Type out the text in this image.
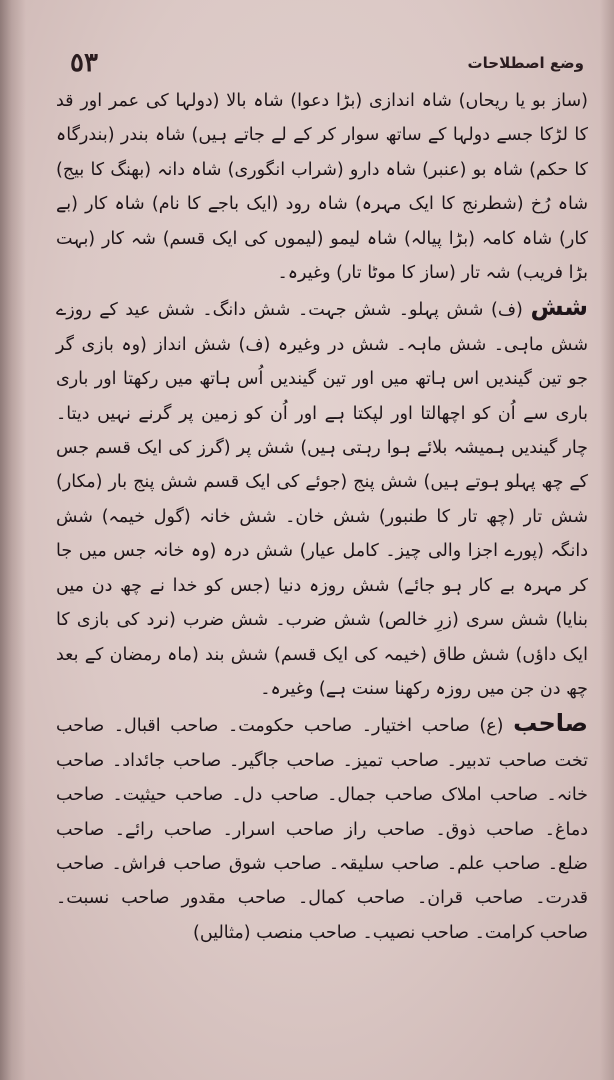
٥٣	وضع اصطلاحات

(ساز بو یا ریحاں) شاہ اندازی (بڑا دعوا) شاہ بالا (دولہا کی عمر اور قد کا لڑکا جسے دولہا کے ساتھ سوار کر کے لے جاتے ہیں) شاہ بندر (بندرگاہ کا حکم) شاہ بو (عنبر) شاہ دارو (شراب انگوری) شاہ دانہ (بھنگ کا بیج) شاہ رُخ (شطرنج کا ایک مہرہ) شاہ رود (ایک باجے کا نام) شاہ کار (بے کار) شاہ کامہ (بڑا پیالہ) شاہ لیمو (لیموں کی ایک قسم) شہ کار (بہت بڑا فریب) شہ تار (ساز کا موٹا تار) وغیرہ۔

شش (ف) شش پہلو۔ شش جہت۔ شش دانگ۔ شش عید کے روزے شش ماہی۔ شش ماہہ۔ شش در وغیرہ (ف) شش انداز (وہ بازی گر جو تین گیندیں اس ہاتھ میں اور تین گیندیں اُس ہاتھ میں رکھتا اور باری باری سے اُن کو اچھالتا اور لپکتا ہے اور اُن کو زمین پر گرنے نہیں دیتا۔ چار گیندیں ہمیشہ بلائے ہوا رہتی ہیں) شش پر (گرز کی ایک قسم جس کے چھ پہلو ہوتے ہیں) شش پنج (جوئے کی ایک قسم شش پنج بار (مکار) شش تار (چھ تار کا طنبور) شش خان۔ شش خانہ (گول خیمہ) شش دانگہ (پورے اجزا والی چیز۔ کامل عیار) شش درہ (وہ خانہ جس میں جا کر مہرہ بے کار ہو جائے) شش روزہ دنیا (جس کو خدا نے چھ دن میں بنایا) شش سری (زرِ خالص) شش ضرب۔ شش ضرب (نرد کی بازی کا ایک داؤں) شش طاق (خیمہ کی ایک قسم) شش بند (ماہ رمضان کے بعد چھ دن جن میں روزہ رکھنا سنت ہے) وغیرہ۔

صاحب (ع) صاحب اختیار۔ صاحب حکومت۔ صاحب اقبال۔ صاحب تخت صاحب تدبیر۔ صاحب تمیز۔ صاحب جاگیر۔ صاحب جائداد۔ صاحب خانہ۔ صاحب املاک صاحب جمال۔ صاحب دل۔ صاحب حیثیت۔ صاحب دماغ۔ صاحب ذوق۔ صاحب راز صاحب اسرار۔ صاحب رائے۔ صاحب ضلع۔ صاحب علم۔ صاحب سلیقہ۔ صاحب شوق صاحب فراش۔ صاحب قدرت۔ صاحب قران۔ صاحب کمال۔ صاحب مقدور صاحب نسبت۔ صاحب کرامت۔ صاحب نصیب۔ صاحب منصب (مثالیں)
